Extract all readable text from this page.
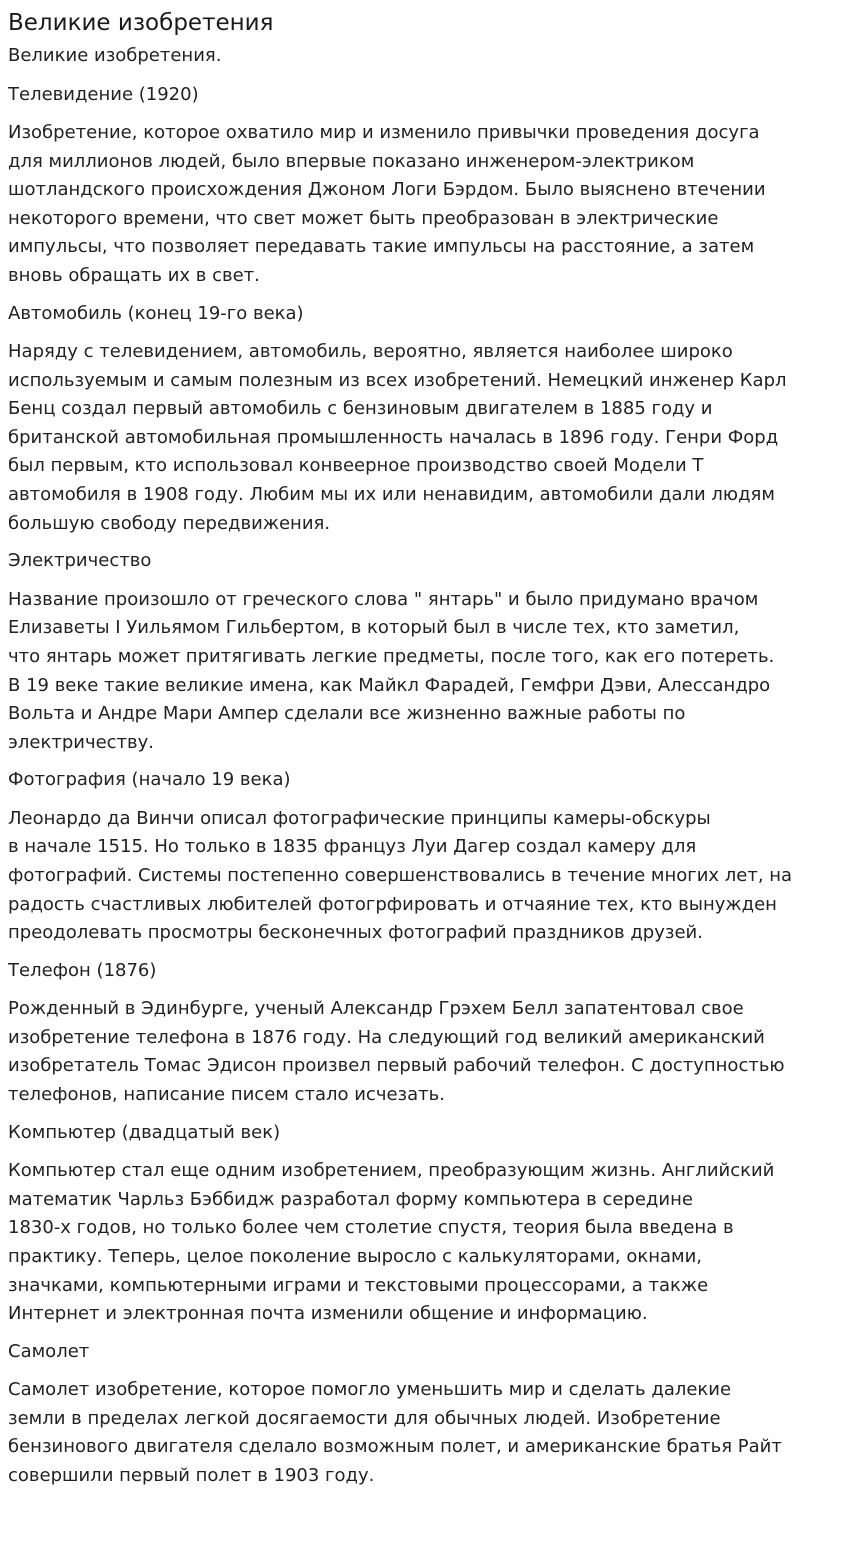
Великие изобретения

Великие изобретения.

Телевидение (1920)

Изобретение, которое охватило мир и изменило привычки проведения досуга
для миллионов людей, было впервые показано инженером-электриком
шотландского происхождения Джоном Логи Бэрдом. Было выяснено втечении
некоторого времени, что свет может быть преобразован в электрические
импульсы, что позволяет передавать такие импульсы на расстояние, а затем
вновь обращать их в свет.

Автомобиль (конец 19-го века)

Наряду с телевидением, автомобиль, вероятно, является наиболее широко
используемым и самым полезным из всех изобретений. Немецкий инженер Карл
Бенц создал первый автомобиль с бензиновым двигателем в 1885 году и
британской автомобильная промышленность началась в 1896 году. Генри Форд
был первым, кто использовал конвеерное производство своей Модели Т
автомобиля в 1908 году. Любим мы их или ненавидим, автомобили дали людям
большую свободу передвижения.

Электричество

Название произошло от греческого слова " янтарь" и было придумано врачом
Елизаветы I Уильямом Гильбертом, в который был в числе тех, кто заметил,
что янтарь может притягивать легкие предметы, после того, как его потереть.
В 19 веке такие великие имена, как Майкл Фарадей, Гемфри Дэви, Алессандро
Вольта и Андре Мари Ампер сделали все жизненно важные работы по
электричеству.

Фотография (начало 19 века)

Леонардо да Винчи описал фотографические принципы камеры-обскуры
в начале 1515. Но только в 1835 француз Луи Дагер создал камеру для
фотографий. Системы постепенно совершенствовались в течение многих лет, на
радость счастливых любителей фотогрфировать и отчаяние тех, кто вынужден
преодолевать просмотры бесконечных фотографий праздников друзей.

Телефон (1876)

Рожденный в Эдинбурге, ученый Александр Грэхем Белл запатентовал свое
изобретение телефона в 1876 году. На следующий год великий американский
изобретатель Томас Эдисон произвел первый рабочий телефон. С доступностью
телефонов, написание писем стало исчезать.

Компьютер (двадцатый век)

Компьютер стал еще одним изобретением, преобразующим жизнь. Английский
математик Чарльз Бэббидж разработал форму компьютера в середине
1830-х годов, но только более чем столетие спустя, теория была введена в
практику. Теперь, целое поколение выросло с калькуляторами, окнами,
значками, компьютерными играми и текстовыми процессорами, а также
Интернет и электронная почта изменили общение и информацию.

Самолет

Самолет изобретение, которое помогло уменьшить мир и сделать далекие
земли в пределах легкой досягаемости для обычных людей. Изобретение
бензинового двигателя сделало возможным полет, и американские братья Райт
совершили первый полет в 1903 году.
